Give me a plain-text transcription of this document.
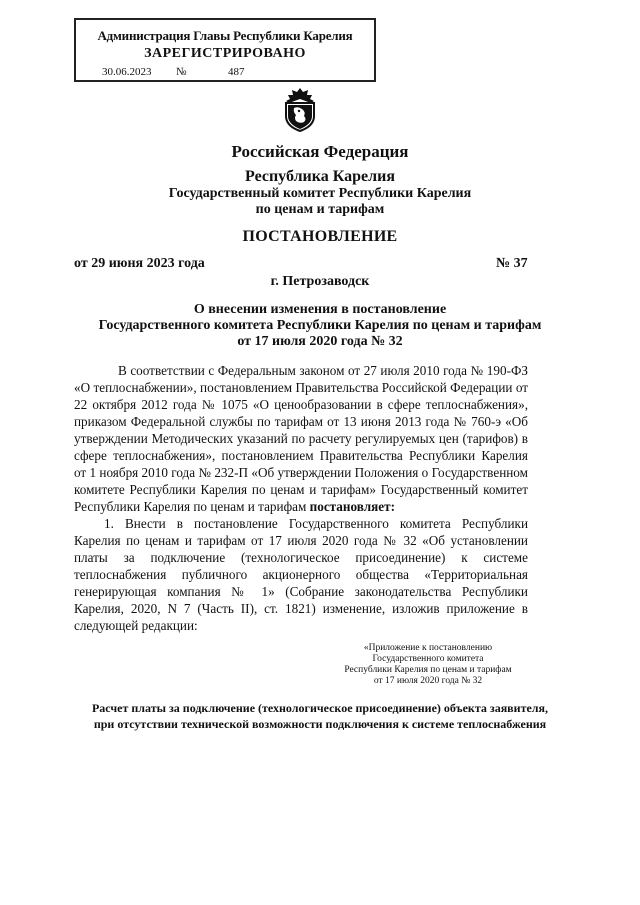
Администрация Главы Республики Карелия
ЗАРЕГИСТРИРОВАНО
30.06.2023 №	487
Российская Федерация
Республика Карелия
Государственный комитет Республики Карелия
по ценам и тарифам
ПОСТАНОВЛЕНИЕ
от 29 июня 2023 года	№ 37
г. Петрозаводск
О внесении изменения в постановление
Государственного комитета Республики Карелия по ценам и тарифам
от 17 июля 2020 года № 32

В соответствии с Федеральным законом от 27 июля 2010 года № 190-ФЗ «О теплоснабжении», постановлением Правительства Российской Федерации от 22 октября 2012 года № 1075 «О ценообразовании в сфере теплоснабжения», приказом Федеральной службы по тарифам от 13 июня 2013 года № 760-э «Об утверждении Методических указаний по расчету регулируемых цен (тарифов) в сфере теплоснабжения», постановлением Правительства Республики Карелия от 1 ноября 2010 года № 232-П «Об утверждении Положения о Государственном комитете Республики Карелия по ценам и тарифам» Государственный комитет Республики Карелия по ценам и тарифам постановляет:

1. Внести в постановление Государственного комитета Республики Карелия по ценам и тарифам от 17 июля 2020 года № 32 «Об установлении платы за подключение (технологическое присоединение) к системе теплоснабжения публичного акционерного общества «Территориальная генерирующая компания № 1» (Собрание законодательства Республики Карелия, 2020, N 7 (Часть II), ст. 1821) изменение, изложив приложение в следующей редакции:

«Приложение к постановлению
Государственного комитета
Республики Карелия по ценам и тарифам
от 17 июля 2020 года № 32
Расчет платы за подключение (технологическое присоединение) объекта заявителя,
при отсутствии технической возможности подключения к системе теплоснабжения
